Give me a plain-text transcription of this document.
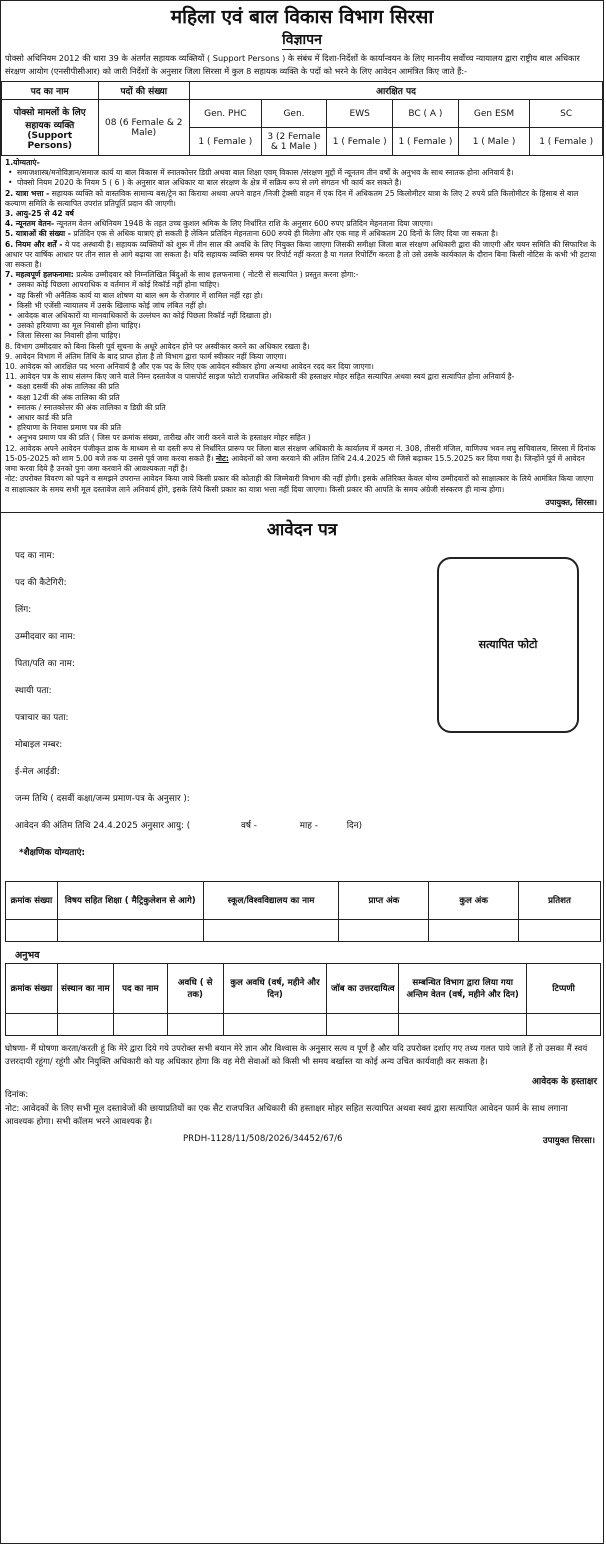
महिला एवं बाल विकास विभाग सिरसा
विज्ञापन
पोक्सो अधिनियम 2012 की धारा 39 के अंतर्गत सहायक व्यक्तियों ( Support Persons ) के संबंध में दिशा-निर्देशों के कार्यान्वयन के लिए माननीय सर्वोच्च न्यायालय द्वारा राष्ट्रीय बाल अधिकार संरक्षण आयोग (एनसीपीसीआर) को जारी निर्देशों के अनुसार जिला सिरसा में कुल 8 सहायक व्यक्ति के पदों को भरने के लिए आवेदन आमंत्रित किए जाते हैं:-
पद का नाम	पदों की संख्या	आरक्षित पद					

पोक्सो मामलों के लिए सहायक व्यक्ति
(Support Persons)	08 (6 Female & 2 Male)	Gen. PHC	Gen.	EWS	BC ( A )	Gen ESM	SC
		1 ( Female )	3 (2 Female & 1 Male )	1 ( Female )	1 ( Female )	1 ( Male )	1 ( Female )

1.योग्यताएं-

• समाजशास्त्र/मनोविज्ञान/समाज कार्य या बाल विकास में स्नातकोत्तर डिग्री अथवा बाल शिक्षा एवम् विकास /संरक्षण मुद्दों में न्यूनतम तीन वर्षों के अनुभव के साथ स्नातक होना अनिवार्य है।

• पोक्सो नियम 2020 के नियम 5 ( 6 ) के अनुसार बाल अधिकार या बाल संरक्षण के क्षेत्र में सक्रिय रूप से लगे संगठन भी कार्य कर सकते है।

2. यात्रा भत्ता - सहायक व्यक्ति को वास्तविक सामान्य बस/ट्रेन का किराया अथवा अपने वाहन /निजी ट्रेक्सी वाहन में एक दिन में अधिकतम 25 किलोमीटर यात्रा के लिए 2 रुपये प्रति किलोमीटर के हिसाब से बाल कल्याण समिति के सत्यापित उपरांत प्रतिपूर्ति प्रदान की जाएगी।

3. आयु-25 से 42 वर्ष

4. न्यूनतम वेतन- न्यूनतम वेतन अधिनियम 1948 के तहत उच्च कुशल श्रमिक के लिए निर्धारित राशि के अनुसार 600 रुपए प्रतिदिन मेहनताना दिया जाएगा।

5. यात्राओं की संख्या - प्रतिदिन एक से अधिक यात्राएं हो सकती है लेकिन प्रतिदिन मेहनताना 600 रुपये ही मिलेगा और एक माह में अधिकतम 20 दिनों के लिए दिया जा सकता है।

6. नियम और शर्तें - ये पद अस्थायी है। सहायक व्यक्तियों को शुरू में तीन साल की अवधि के लिए नियुक्त किया जाएगा जिसकी समीक्षा जिला बाल संरक्षण अधिकारी द्वारा की जाएगी और चयन समिति की सिफारिश के आधार पर वार्षिक आधार पर तीन साल से आगे बढ़ाया जा सकता है। यदि सहायक व्यक्ति समय पर रिपोर्ट नहीं करता है या गलत रिपोर्टिंग करता है तो उसे उसके कार्यकाल के दौरान बिना किसी नोटिस के कभी भी हटाया जा सकता है।

7. महत्वपूर्ण हलफनामा: प्रत्येक उम्मीदवार को निम्नलिखित बिंदुओं के साथ हलफनामा ( नोटरी से सत्यापित ) प्रस्तुत करना होगा:-

• उसका कोई पिछला आपराधिक व वर्तमान में कोई रिकॉर्ड नहीं होना चाहिए।

• वह किसी भी अनैतिक कार्य या बाल शोषण या बाल श्रम के रोजगार में शामिल नहीं रहा हो।

• किसी भी एजेंसी न्यायालय में उसके खिलाफ कोई जांच लंबित नहीं हो।

• आवेदक बाल अधिकारों या मानवाधिकारों के उल्लंघन का कोई पिछला रिकॉर्ड नहीं दिखाता हो।

• उसको हरियाणा का मूल निवासी होना चाहिए।

• जिला सिरसा का निवासी होना चाहिए।

8. विभाग उम्मीदवार को बिना किसी पूर्व सूचना के अधूरे आवेदन होने पर अस्वीकार करने का अधिकार रखता है।

9. आवेदन विभाग में अंतिम तिथि के बाद प्राप्त होता है तो विभाग द्वारा फार्म स्वीकार नहीं किया जाएगा।

10. आवेदक को आरक्षित पद भरना अनिवार्य है और एक पद के लिए एक आवेदन स्वीकार होगा अन्यथा आवेदन रदद कर दिया जाएगा।

11. आवेदन पत्र के साथ संलग्न किए जाने वाले निम्न दस्तावेज व पासपोर्ट साइज फोटो राजपत्रित अधिकारी की हस्ताक्षर मोहर सहित सत्यापित अथवा स्वयं द्वारा सत्यापित होना अनिवार्य है-

• कक्षा दसवीं की अंक तालिका की प्रति

• कक्षा 12वीं की अंक तालिका की प्रति

• स्नातक / स्नातकोत्तर की अंक तालिका व डिग्री की प्रति

• आधार कार्ड की प्रति

• हरियाणा के निवास प्रमाण पत्र की प्रति

• अनुभव प्रमाण पत्र की प्रति ( जिस पर क्रमांक संख्या, तारीख और जारी करने वाले के हस्ताक्षर मोहर सहित )

12. आवेदक अपने आवेदन पंजीकृत डाक के माध्यम से या दस्ती रूप से निर्धारित प्रारूप पर जिला बाल संरक्षण अधिकारी के कार्यालय में कमरा नं. 308, तीसरी मंजिल, वाणिज्य भवन लघु सचिवालय, सिरसा में दिनांक 15-05-2025 को शाम 5.00 बजे तक या उससे पूर्व जमा करवा सकते हैं। नोट: आवेदनों को जमा करवाने की अंतिम तिथि 24.4.2025 थी जिसे बढ़ाकर 15.5.2025 कर दिया गया है। जिन्होंने पूर्व में आवेदन जमा करवा दिये है उनको पुनः जमा करवाने की आवश्यकता नहीं है।

नोट: उपरोक्त विवरण को पढ़ने व समझने उपरान्त आवेदन किया जाये किसी प्रकार की कोताही की जिम्मेवारी विभाग की नहीं होगी। इसके अतिरिक्त केवल योग्य उम्मीदवारों को साक्षात्कार के लिये आमंत्रित किया जाएगा व साक्षात्कार के समय सभी मूल दस्तावेज लाने अनिवार्य होंगे, इसके लिये किसी प्रकार का यात्रा भत्ता नहीं दिया जाएगा। किसी प्रकार की आपति के समय अंग्रेजी संस्करण ही मान्य होगा।

उपायुक्त, सिरसा।
आवेदन पत्र
पद का नाम:
पद की कैटेगिरी:
लिंग:
उम्मीदवार का नाम:
पिता/पति का नाम:
स्थायी पता:
पत्राचार का पता:
मोबाइल नम्बर:
ई-मेल आईडी:
जन्म तिथि ( दसवीं कक्षा/जन्म प्रमाण-पत्र के अनुसार ):
आवेदन की अंतिम तिथि 24.4.2025 अनुसार आयु: (	वर्ष -	माह -	दिन)
सत्यापित फोटो
*शैक्षणिक योग्यताएं:
क्रमांक संख्या	विषय सहित शिक्षा ( मैट्रिकुलेशन से आगे)	स्कूल/विश्वविद्यालय का नाम	प्राप्त अंक	कुल अंक	प्रतिशत

अनुभव
क्रमांक संख्या	संस्थान का नाम	पद का नाम	अवधि ( से तक)	कुल अवधि (वर्ष, महीने और दिन)	जॉब का उत्तरदायित्व	सम्बन्धित विभाग द्वारा लिया गया अन्तिम वेतन (वर्ष, महीने और दिन)	टिप्पणी

घोषणा- मैं घोषणा करता/करती हूं कि मेरे द्वारा दिये गये उपरोक्त सभी बयान मेरे ज्ञान और विश्वास के अनुसार सत्य व पूर्ण है और यदि उपरोक्त दर्शाए गए तथ्य गलत पाये जाते हैं तो उसका मैं स्वयं उत्तरदायी रहूंगा/ रहूंगी और नियुक्ति अधिकारी को यह अधिकार होगा कि वह मेरी सेवाओं को किसी भी समय बर्खास्त या कोई अन्य उचित कार्यवाही कर सकता है।
आवेदक के हस्ताक्षर
दिनांक:
नोट: आवेदकों के लिए सभी मूल दस्तावेजों की छायाप्रतियों का एक सैट राजपत्रित अधिकारी की हस्ताक्षर मोहर सहित सत्यापित अथवा स्वयं द्वारा सत्यापित आवेदन फार्म के साथ लगाना आवश्यक होगा। सभी कॉलम भरने आवश्यक है।
PRDH-1128/11/508/2026/34452/67/6	उपायुक्त सिरसा।
